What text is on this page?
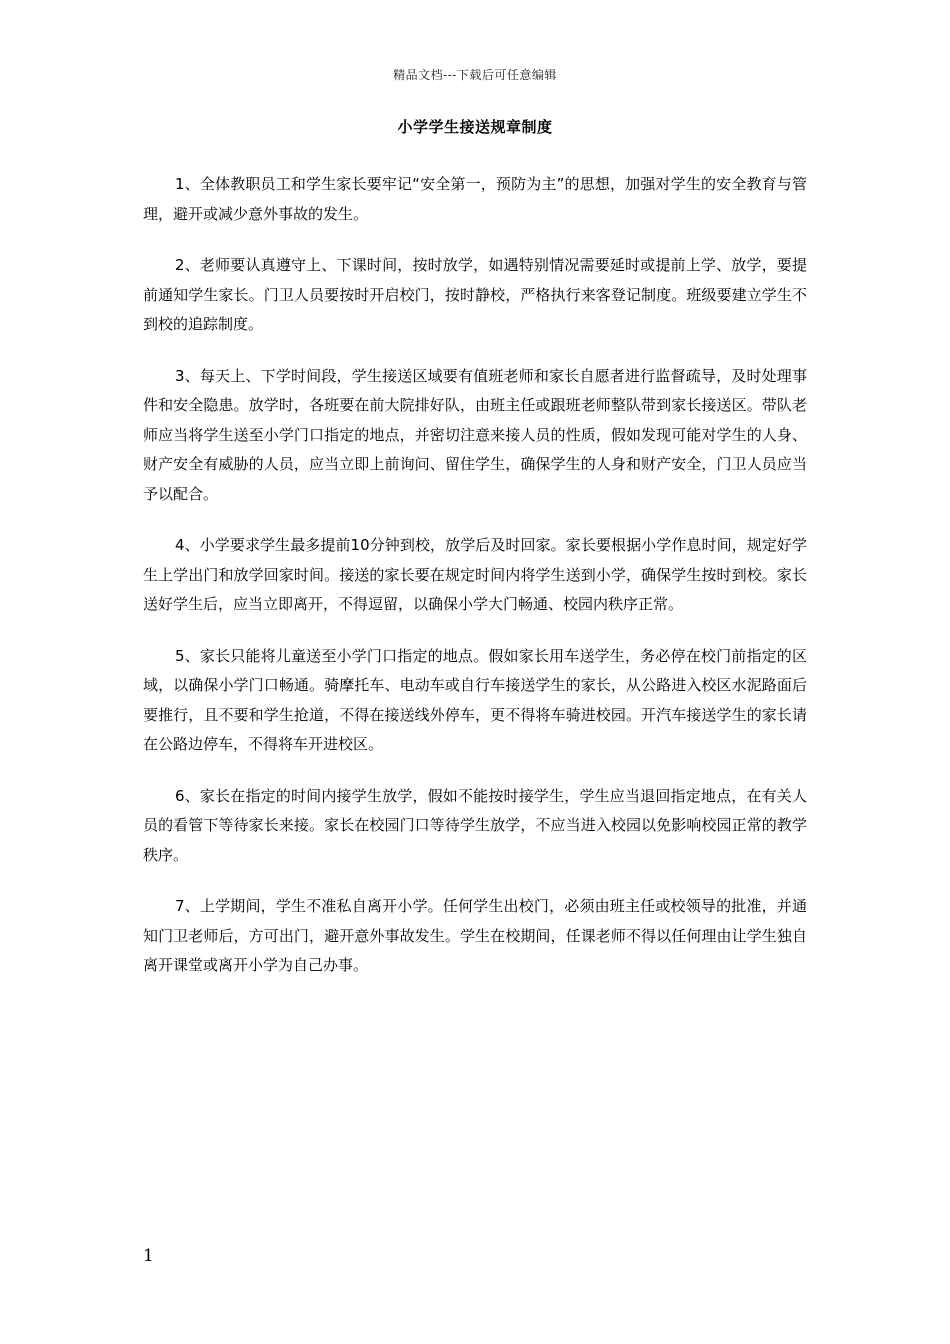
精品文档---下载后可任意编辑
小学学生接送规章制度

1、全体教职员工和学生家长要牢记“安全第一，预防为主”的思想，加强对学生的安全教育与管理，避开或减少意外事故的发生。

2、老师要认真遵守上、下课时间，按时放学，如遇特别情况需要延时或提前上学、放学，要提前通知学生家长。门卫人员要按时开启校门，按时静校，严格执行来客登记制度。班级要建立学生不到校的追踪制度。

3、每天上、下学时间段，学生接送区域要有值班老师和家长自愿者进行监督疏导，及时处理事件和安全隐患。放学时，各班要在前大院排好队，由班主任或跟班老师整队带到家长接送区。带队老师应当将学生送至小学门口指定的地点，并密切注意来接人员的性质，假如发现可能对学生的人身、财产安全有威胁的人员，应当立即上前询问、留住学生，确保学生的人身和财产安全，门卫人员应当予以配合。

4、小学要求学生最多提前10分钟到校，放学后及时回家。家长要根据小学作息时间，规定好学生上学出门和放学回家时间。接送的家长要在规定时间内将学生送到小学，确保学生按时到校。家长送好学生后，应当立即离开，不得逗留，以确保小学大门畅通、校园内秩序正常。

5、家长只能将儿童送至小学门口指定的地点。假如家长用车送学生，务必停在校门前指定的区域，以确保小学门口畅通。骑摩托车、电动车或自行车接送学生的家长，从公路进入校区水泥路面后要推行，且不要和学生抢道，不得在接送线外停车，更不得将车骑进校园。开汽车接送学生的家长请在公路边停车，不得将车开进校区。

6、家长在指定的时间内接学生放学，假如不能按时接学生，学生应当退回指定地点，在有关人员的看管下等待家长来接。家长在校园门口等待学生放学，不应当进入校园以免影响校园正常的教学秩序。

7、上学期间，学生不准私自离开小学。任何学生出校门，必须由班主任或校领导的批准，并通知门卫老师后，方可出门，避开意外事故发生。学生在校期间，任课老师不得以任何理由让学生独自离开课堂或离开小学为自己办事。

1
